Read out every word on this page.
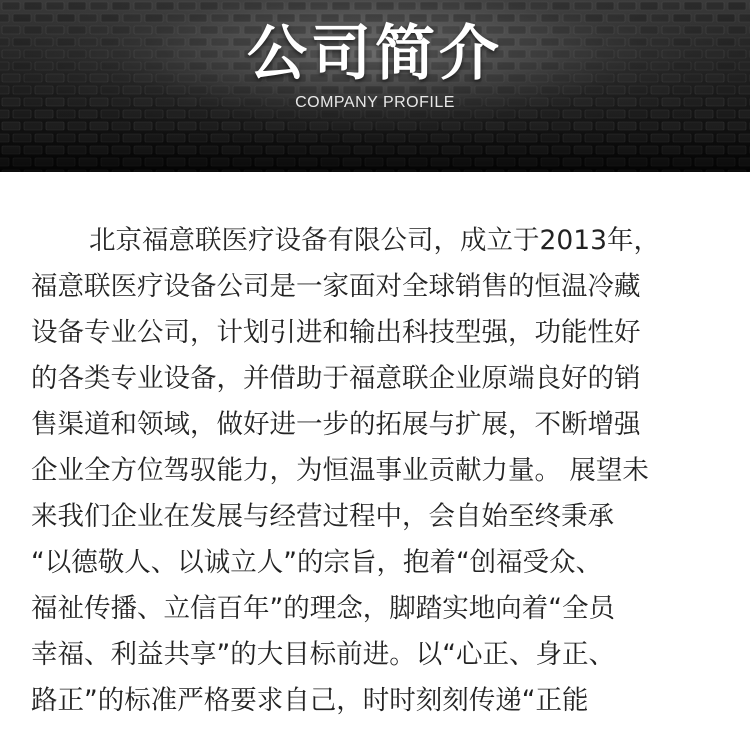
公司简介
COMPANY PROFILE
北京福意联医疗设备有限公司，成立于2013年，
福意联医疗设备公司是一家面对全球销售的恒温冷藏
设备专业公司，计划引进和输出科技型强，功能性好
的各类专业设备，并借助于福意联企业原端良好的销
售渠道和领域，做好进一步的拓展与扩展，不断增强
企业全方位驾驭能力，为恒温事业贡献力量。 展望未
来我们企业在发展与经营过程中，会自始至终秉承
“以德敬人、以诚立人”的宗旨，抱着“创福受众、
福祉传播、立信百年”的理念，脚踏实地向着“全员
幸福、利益共享”的大目标前进。以“心正、身正、
路正”的标准严格要求自己，时时刻刻传递“正能
